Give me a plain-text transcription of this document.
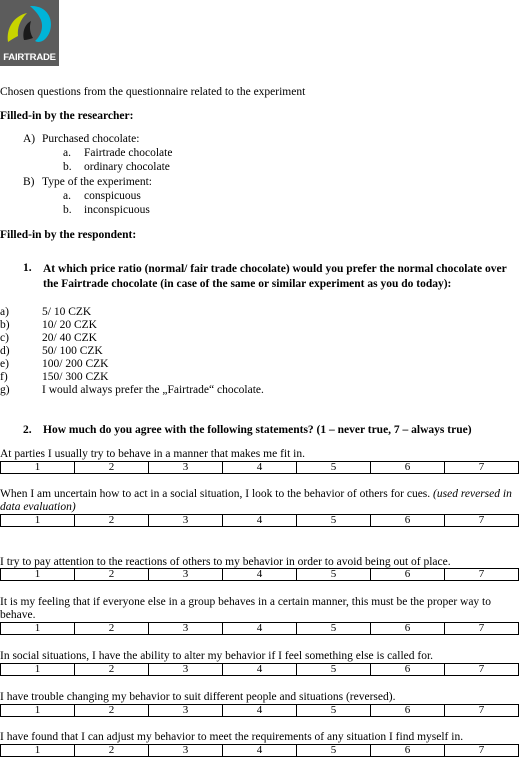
FAIRTRADE
Chosen questions from the questionnaire related to the experiment
Filled-in by the researcher:
A) Purchased chocolate:
a. Fairtrade chocolate
b. ordinary chocolate
B) Type of the experiment:
a. conspicuous
b. inconspicuous
Filled-in by the respondent:
1. At which price ratio (normal/ fair trade chocolate) would you prefer the normal chocolate over the Fairtrade chocolate (in case of the same or similar experiment as you do today):
a)	5/ 10 CZK
b)	10/ 20 CZK
c)	20/ 40 CZK
d)	50/ 100 CZK
e)	100/ 200 CZK
f)	150/ 300 CZK
g)	I would always prefer the „Fairtrade“ chocolate.
2. How much do you agree with the following statements? (1 – never true, 7 – always true)
At parties I usually try to behave in a manner that makes me fit in.
1	2	3	4	5	6	7
When I am uncertain how to act in a social situation, I look to the behavior of others for cues. (used reversed in data evaluation)
1	2	3	4	5	6	7
I try to pay attention to the reactions of others to my behavior in order to avoid being out of place.
1	2	3	4	5	6	7
It is my feeling that if everyone else in a group behaves in a certain manner, this must be the proper way to behave.
1	2	3	4	5	6	7
In social situations, I have the ability to alter my behavior if I feel something else is called for.
1	2	3	4	5	6	7
I have trouble changing my behavior to suit different people and situations (reversed).
1	2	3	4	5	6	7
I have found that I can adjust my behavior to meet the requirements of any situation I find myself in.
1	2	3	4	5	6	7
